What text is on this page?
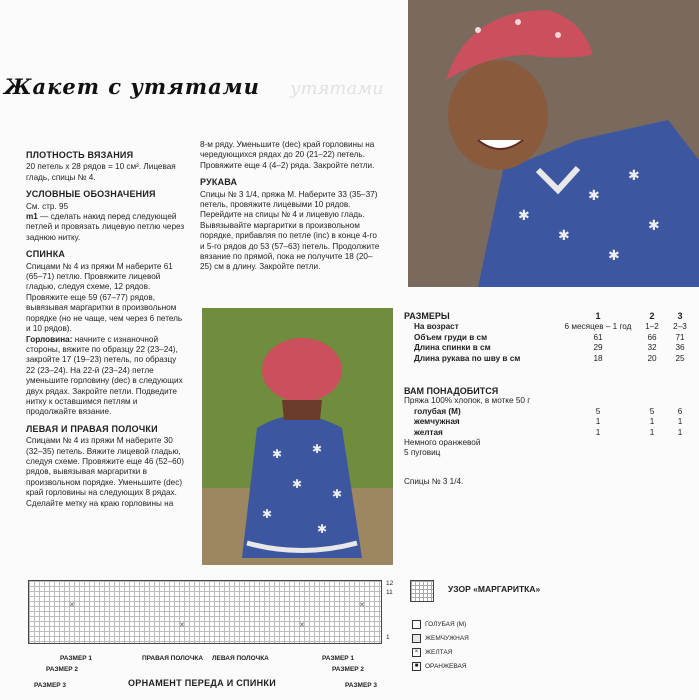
Жакет с утятами утятами
ПЛОТНОСТЬ ВЯЗАНИЯ

20 петель х 28 рядов = 10 см². Лицевая гладь, спицы № 4.

УСЛОВНЫЕ ОБОЗНАЧЕНИЯ

См. стр. 95

m1 — сделать накид перед следующей петлей и провязать лицевую петлю через заднюю нитку.

СПИНКА

Спицами № 4 из пряжи М наберите 61 (65–71) петлю. Провяжите лицевой гладью, следуя схеме, 12 рядов. Провяжите еще 59 (67–77) рядов, вывязывая маргаритки в произвольном порядке (но не чаще, чем через 6 петель и 10 рядов).

Горловина: начните с изнаночной стороны, вяжите по образцу 22 (23–24), закройте 17 (19–23) петель, по образцу 22 (23–24). На 22-й (23–24) петле уменьшите горловину (dec) в следующих двух рядах. Закройте петли. Подведите нитку к оставшимся петлям и продолжайте вязание.

ЛЕВАЯ И ПРАВАЯ ПОЛОЧКИ

Спицами № 4 из пряжи М наберите 30 (32–35) петель. Вяжите лицевой гладью, следуя схеме. Провяжите еще 46 (52–60) рядов, вывязывая маргаритки в произвольном порядке. Уменьшите (dec) край горловины на следующих 8 рядах. Сделайте метку на краю горловины на

8-м ряду. Уменьшите (dec) край горловины на чередующихся рядах до 20 (21–22) петель. Провяжите еще 4 (4–2) ряда. Закройте петли.

РУКАВА

Спицы № 3 1/4, пряжа М. Наберите 33 (35–37) петель, провяжите лицевыми 10 рядов. Перейдите на спицы № 4 и лицевую гладь. Вывязывайте маргаритки в произвольном порядке, прибавляя по петле (inc) в конце 4-го и 5-го рядов до 53 (57–63) петель. Продолжите вязание по прямой, пока не получите 18 (20–25) см в длину. Закройте петли.

✱
✱
✱
✱
✱
✱
✱ ✱
✱
✱
✱
✱
РАЗМЕРЫ	1	2	3
На возраст	6 месяцев – 1 год	1–2	2–3
Объем груди в см	61	66	71
Длина спинки в см	29	32	36
Длина рукава по шву в см	18	20	25
ВАМ ПОНАДОБИТСЯ
Пряжа 100% хлопок, в мотке 50 г
голубая (М)	5	5	6
жемчужная	1	1	1
желтая	1	1	1
Немного оранжевой
5 пуговиц
Спицы № 3 1/4.
✕
✕	✕
✕
12
11
1
РАЗМЕР 1
РАЗМЕР 2
РАЗМЕР 3
ПРАВАЯ ПОЛОЧКА ЛЕВАЯ ПОЛОЧКА	РАЗМЕР 1
РАЗМЕР 2
РАЗМЕР 3
ОРНАМЕНТ ПЕРЕДА И СПИНКИ
УЗОР «МАРГАРИТКА»
ГОЛУБАЯ (М)
ЖЕМЧУЖНАЯ
×	ЖЕЛТАЯ
■	ОРАНЖЕВАЯ
